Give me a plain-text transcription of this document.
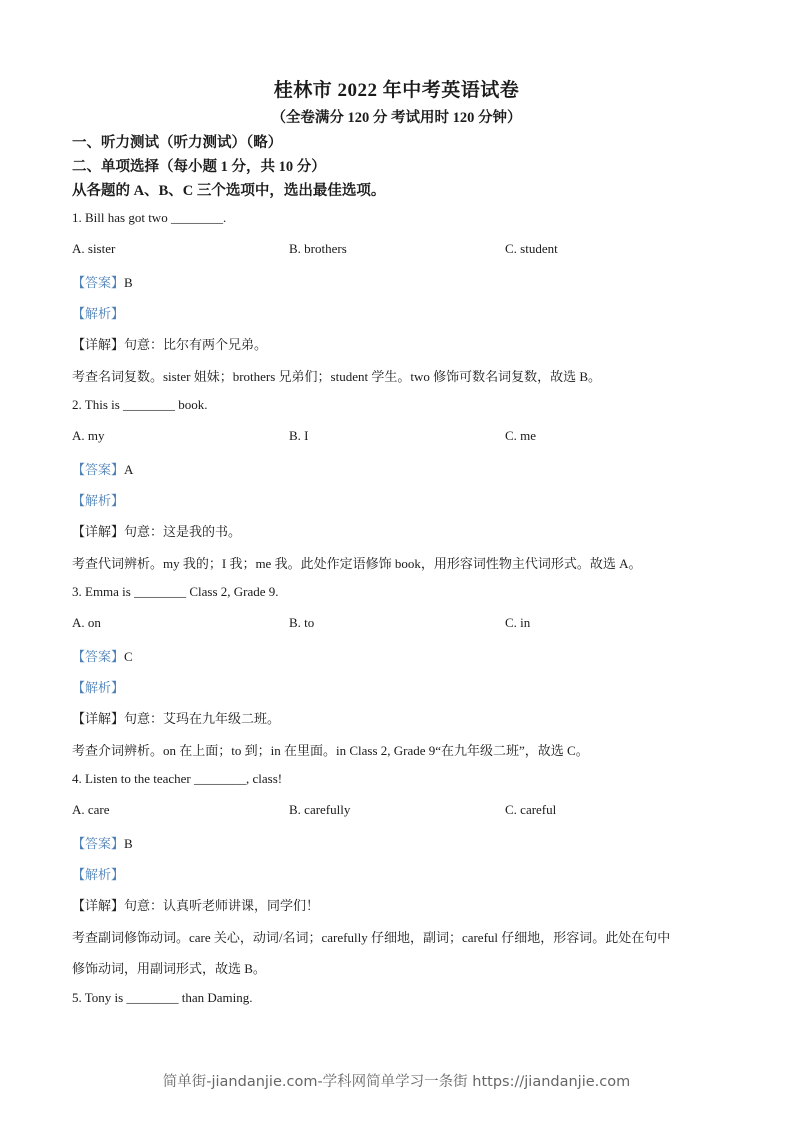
桂林市 2022 年中考英语试卷
（全卷满分 120 分 考试用时 120 分钟）
一、听力测试（听力测试）（略）
二、单项选择（每小题 1 分，共 10 分）
从各题的 A、B、C 三个选项中，选出最佳选项。
1. Bill has got two ________.
A. sister	B. brothers	C. student
【答案】B
【解析】
【详解】句意：比尔有两个兄弟。
考查名词复数。sister 姐妹；brothers 兄弟们；student 学生。two 修饰可数名词复数，故选 B。
2. This is ________ book.
A. my	B. I	C. me
【答案】A
【解析】
【详解】句意：这是我的书。
考查代词辨析。my 我的；I 我；me 我。此处作定语修饰 book，用形容词性物主代词形式。故选 A。
3. Emma is ________ Class 2, Grade 9.
A. on	B. to	C. in
【答案】C
【解析】
【详解】句意：艾玛在九年级二班。
考查介词辨析。on 在上面；to 到；in 在里面。in Class 2, Grade 9“在九年级二班”，故选 C。
4. Listen to the teacher ________, class!
A. care	B. carefully	C. careful
【答案】B
【解析】
【详解】句意：认真听老师讲课，同学们！
考查副词修饰动词。care 关心，动词/名词；carefully 仔细地，副词；careful 仔细地，形容词。此处在句中
修饰动词，用副词形式，故选 B。
5. Tony is ________ than Daming.
简单街-jiandanjie.com-学科网简单学习一条街 https://jiandanjie.com
